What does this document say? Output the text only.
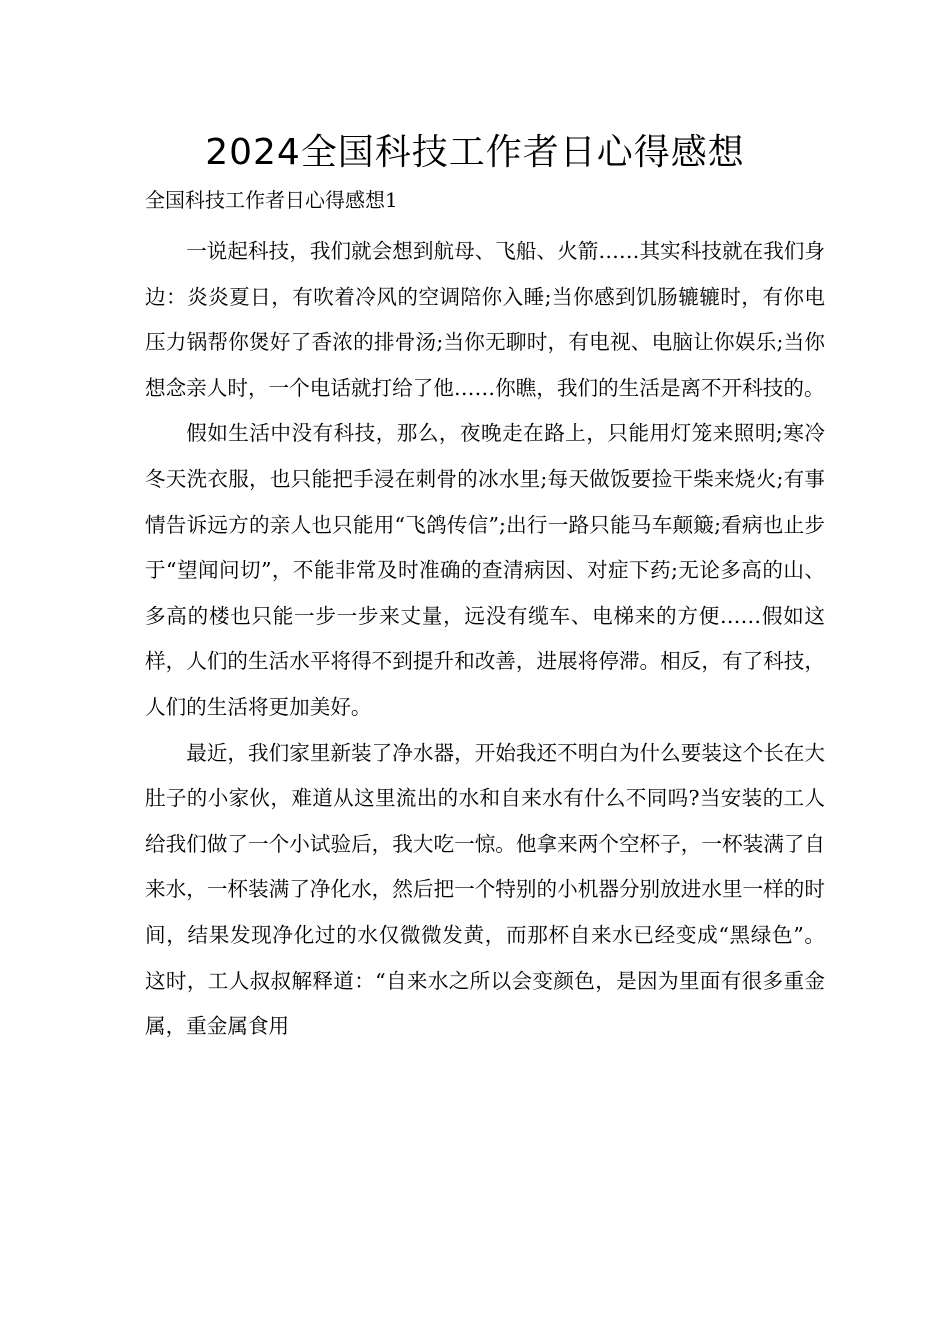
2024全国科技工作者日心得感想

全国科技工作者日心得感想1

一说起科技，我们就会想到航母、飞船、火箭……其实科技就在我们身边：炎炎夏日，有吹着冷风的空调陪你入睡;当你感到饥肠辘辘时，有你电压力锅帮你煲好了香浓的排骨汤;当你无聊时，有电视、电脑让你娱乐;当你想念亲人时，一个电话就打给了他……你瞧，我们的生活是离不开科技的。

假如生活中没有科技，那么，夜晚走在路上，只能用灯笼来照明;寒冷冬天洗衣服，也只能把手浸在刺骨的冰水里;每天做饭要捡干柴来烧火;有事情告诉远方的亲人也只能用“飞鸽传信”;出行一路只能马车颠簸;看病也止步于“望闻问切”，不能非常及时准确的查清病因、对症下药;无论多高的山、多高的楼也只能一步一步来丈量，远没有缆车、电梯来的方便……假如这样，人们的生活水平将得不到提升和改善，进展将停滞。相反，有了科技，人们的生活将更加美好。

最近，我们家里新装了净水器，开始我还不明白为什么要装这个长在大肚子的小家伙，难道从这里流出的水和自来水有什么不同吗?当安装的工人给我们做了一个小试验后，我大吃一惊。他拿来两个空杯子，一杯装满了自来水，一杯装满了净化水，然后把一个特别的小机器分别放进水里一样的时间，结果发现净化过的水仅微微发黄，而那杯自来水已经变成“黑绿色”。这时，工人叔叔解释道：“自来水之所以会变颜色，是因为里面有很多重金属，重金属食用
